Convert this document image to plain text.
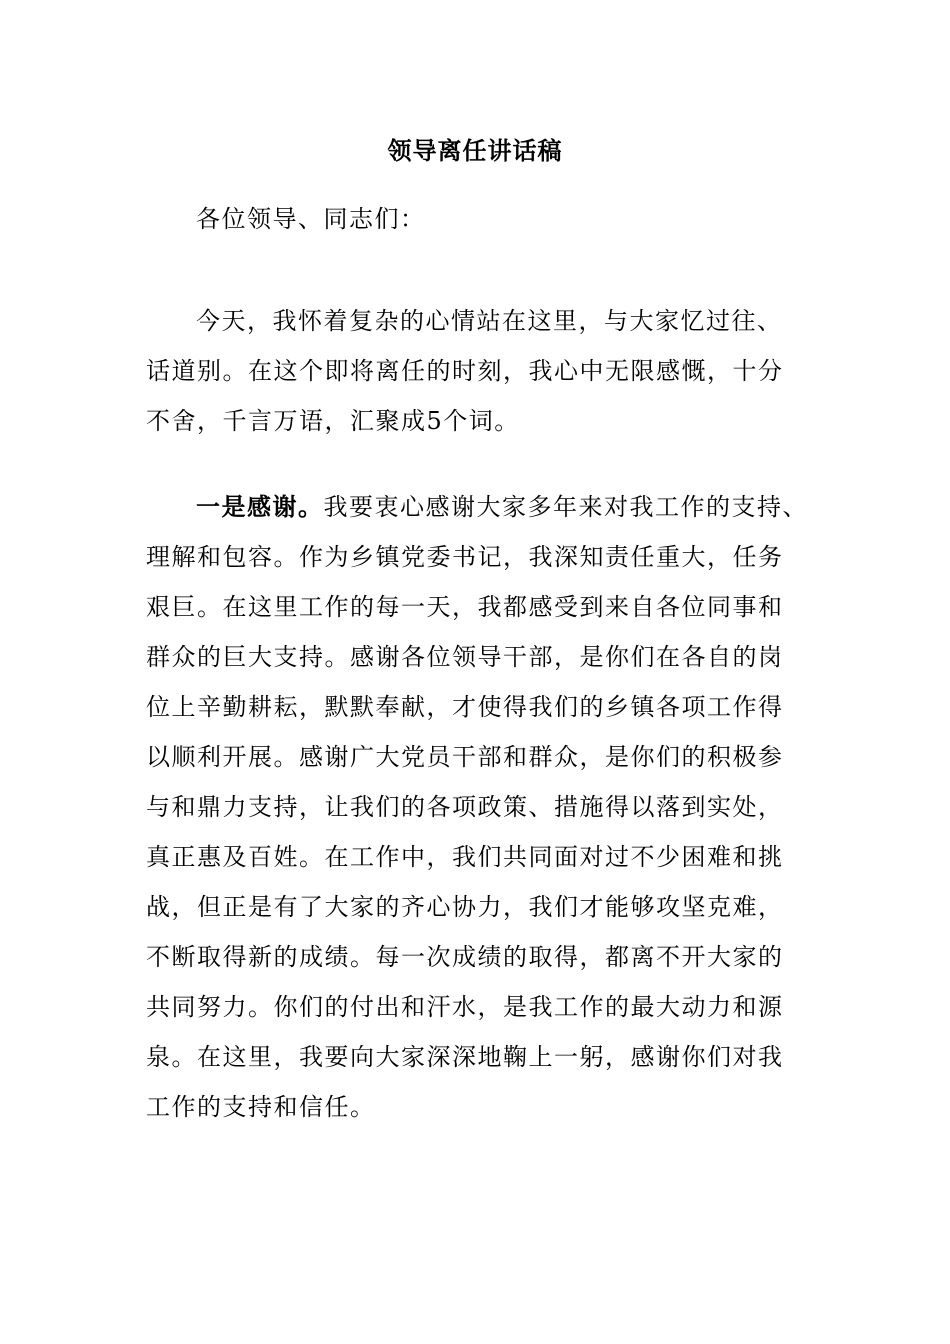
领导离任讲话稿
各位领导、同志们：
今天，我怀着复杂的心情站在这里，与大家忆过往、
话道别。在这个即将离任的时刻，我心中无限感慨，十分
不舍，千言万语，汇聚成5个词。
一是感谢。我要衷心感谢大家多年来对我工作的支持、
理解和包容。作为乡镇党委书记，我深知责任重大，任务
艰巨。在这里工作的每一天，我都感受到来自各位同事和
群众的巨大支持。感谢各位领导干部，是你们在各自的岗
位上辛勤耕耘，默默奉献，才使得我们的乡镇各项工作得
以顺利开展。感谢广大党员干部和群众，是你们的积极参
与和鼎力支持，让我们的各项政策、措施得以落到实处，
真正惠及百姓。在工作中，我们共同面对过不少困难和挑
战，但正是有了大家的齐心协力，我们才能够攻坚克难，
不断取得新的成绩。每一次成绩的取得，都离不开大家的
共同努力。你们的付出和汗水，是我工作的最大动力和源
泉。在这里，我要向大家深深地鞠上一躬，感谢你们对我
工作的支持和信任。
